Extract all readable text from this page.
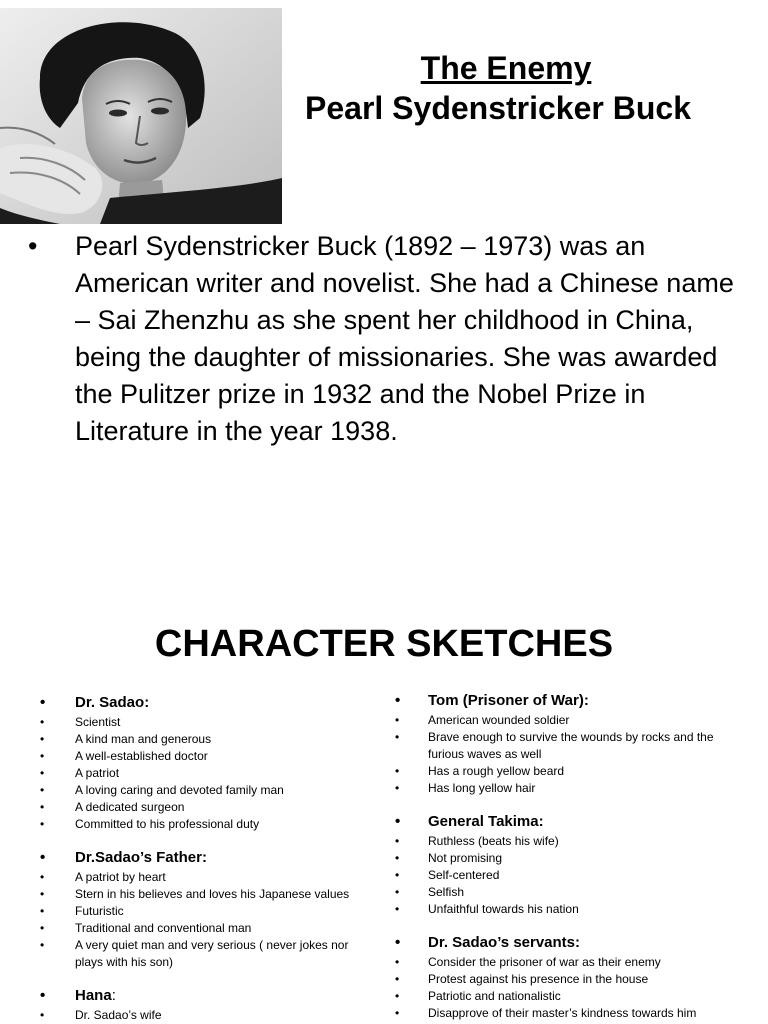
The Enemy

Pearl Sydenstricker Buck

• Pearl Sydenstricker Buck (1892 – 1973) was an American writer and novelist. She had a Chinese name – Sai Zhenzhu as she spent her childhood in China, being the daughter of missionaries. She was awarded the Pulitzer prize in 1932 and the Nobel Prize in Literature in the year 1938.
CHARACTER SKETCHES
• Dr. Sadao:
• Scientist
• A kind man and generous
• A well-established doctor
• A patriot
• A loving caring and devoted family man
• A dedicated surgeon
• Committed to his professional duty
• Dr.Sadao’s Father:
• A patriot by heart
• Stern in his believes and loves his Japanese values
• Futuristic
• Traditional and conventional man
• A very quiet man and very serious ( never jokes nor plays with his son)
• Hana:
• Dr. Sadao’s wife
• Tom (Prisoner of War):
• American wounded soldier
• Brave enough to survive the wounds by rocks and the furious waves as well
• Has a rough yellow beard
• Has long yellow hair
• General Takima:
• Ruthless (beats his wife)
• Not promising
• Self-centered
• Selfish
• Unfaithful towards his nation
• Dr. Sadao’s servants:
• Consider the prisoner of war as their enemy
• Protest against his presence in the house
• Patriotic and nationalistic
• Disapprove of their master’s kindness towards him
